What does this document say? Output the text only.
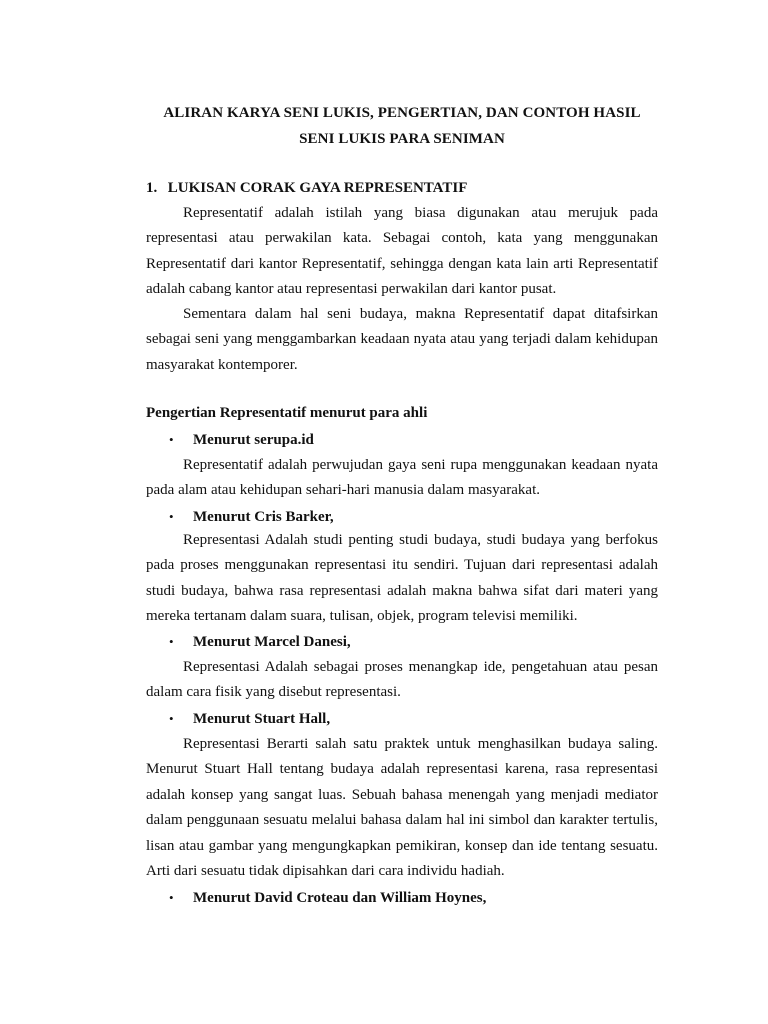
ALIRAN KARYA SENI LUKIS, PENGERTIAN, DAN CONTOH HASIL
SENI LUKIS PARA SENIMAN
1. LUKISAN CORAK GAYA REPRESENTATIF

Representatif adalah istilah yang biasa digunakan atau merujuk pada representasi atau perwakilan kata. Sebagai contoh, kata yang menggunakan Representatif dari kantor Representatif, sehingga dengan kata lain arti Representatif adalah cabang kantor atau representasi perwakilan dari kantor pusat.

Sementara dalam hal seni budaya, makna Representatif dapat ditafsirkan sebagai seni yang menggambarkan keadaan nyata atau yang terjadi dalam kehidupan masyarakat kontemporer.

Pengertian Representatif menurut para ahli
• Menurut serupa.id

Representatif adalah perwujudan gaya seni rupa menggunakan keadaan nyata pada alam atau kehidupan sehari-hari manusia dalam masyarakat.

• Menurut Cris Barker,

Representasi Adalah studi penting studi budaya, studi budaya yang berfokus pada proses menggunakan representasi itu sendiri. Tujuan dari representasi adalah studi budaya, bahwa rasa representasi adalah makna bahwa sifat dari materi yang mereka tertanam dalam suara, tulisan, objek, program televisi memiliki.

• Menurut Marcel Danesi,

Representasi Adalah sebagai proses menangkap ide, pengetahuan atau pesan dalam cara fisik yang disebut representasi.

• Menurut Stuart Hall,

Representasi Berarti salah satu praktek untuk menghasilkan budaya saling. Menurut Stuart Hall tentang budaya adalah representasi karena, rasa representasi adalah konsep yang sangat luas. Sebuah bahasa menengah yang menjadi mediator dalam penggunaan sesuatu melalui bahasa dalam hal ini simbol dan karakter tertulis, lisan atau gambar yang mengungkapkan pemikiran, konsep dan ide tentang sesuatu. Arti dari sesuatu tidak dipisahkan dari cara individu hadiah.

• Menurut David Croteau dan William Hoynes,
